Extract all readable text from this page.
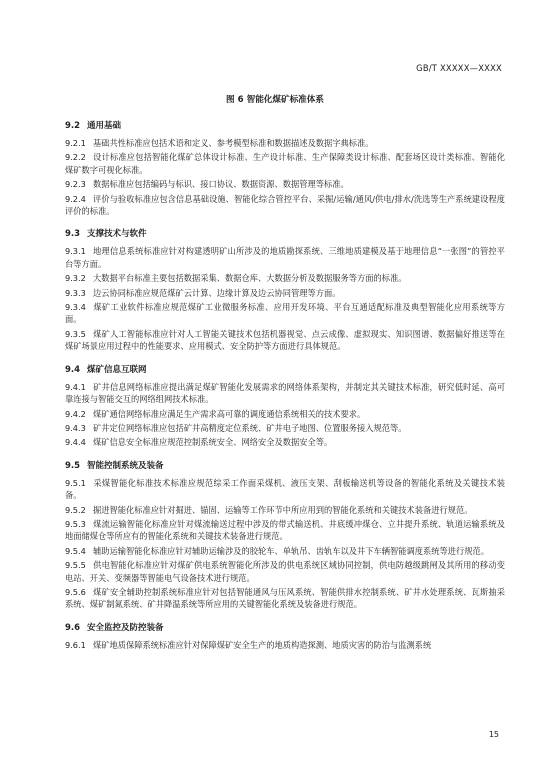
GB/T XXXXX—XXXX
图 6 智能化煤矿标准体系
9.2 通用基础

9.2.1 基础共性标准应包括术语和定义、参考模型标准和数据描述及数据字典标准。

9.2.2 设计标准应包括智能化煤矿总体设计标准、生产设计标准、生产保障类设计标准、配套场区设计类标准、智能化煤矿数字可视化标准。

9.2.3 数据标准应包括编码与标识、接口协议、数据资源、数据管理等标准。

9.2.4 评价与验收标准应包含信息基础设施、智能化综合管控平台、采掘/运输/通风/供电/排水/洗选等生产系统建设程度评价的标准。

9.3 支撑技术与软件

9.3.1 地理信息系统标准应针对构建透明矿山所涉及的地质勘探系统、三维地质建模及基于地理信息“一张图”的管控平台等方面。

9.3.2 大数据平台标准主要包括数据采集、数据仓库、大数据分析及数据服务等方面的标准。

9.3.3 边云协同标准应规范煤矿云计算、边缘计算及边云协同管理等方面。

9.3.4 煤矿工业软件标准应规范煤矿工业微服务标准、应用开发环境、平台互通适配标准及典型智能化应用系统等方面。

9.3.5 煤矿人工智能标准应针对人工智能关键技术包括机器视觉、点云成像、虚拟现实、知识图谱、数据偏好推送等在煤矿场景应用过程中的性能要求、应用模式、安全防护等方面进行具体规范。

9.4 煤矿信息互联网

9.4.1 矿井信息网络标准应提出满足煤矿智能化发展需求的网络体系架构，并制定其关键技术标准，研究低时延、高可靠连接与智能交互的网络组网技术标准。

9.4.2 煤矿通信网络标准应满足生产需求高可靠的调度通信系统相关的技术要求。

9.4.3 矿井定位网络标准应包括矿井高精度定位系统、矿井电子地图、位置服务接入规范等。

9.4.4 煤矿信息安全标准应规范控制系统安全、网络安全及数据安全等。

9.5 智能控制系统及装备

9.5.1 采煤智能化标准技术标准应规范综采工作面采煤机、液压支架、刮板输送机等设备的智能化系统及关键技术装备。

9.5.2 掘进智能化标准应针对掘进、锚固、运输等工作环节中所应用到的智能化系统和关键技术装备进行规范。

9.5.3 煤流运输智能化标准应针对煤流输送过程中涉及的带式输送机、井底缓冲煤仓、立井提升系统、轨道运输系统及地面储煤仓等所应有的智能化系统和关键技术装备进行规范。

9.5.4 辅助运输智能化标准应针对辅助运输涉及的胶轮车、单轨吊、齿轨车以及井下车辆智能调度系统等进行规范。

9.5.5 供电智能化标准应针对煤矿供电系统智能化所涉及的供电系统区域协同控制，供电防越级跳闸及其所用的移动变电站、开关、变频器等智能电气设备技术进行规范。

9.5.6 煤矿安全辅助控制系统标准应针对包括智能通风与压风系统、智能供排水控制系统、矿井水处理系统、瓦斯抽采系统、煤矿制氮系统、矿井降温系统等所应用的关键智能化系统及装备进行规范。

9.6 安全监控及防控装备

9.6.1 煤矿地质保障系统标准应针对保障煤矿安全生产的地质构造探测、地质灾害的防治与监测系统

15
